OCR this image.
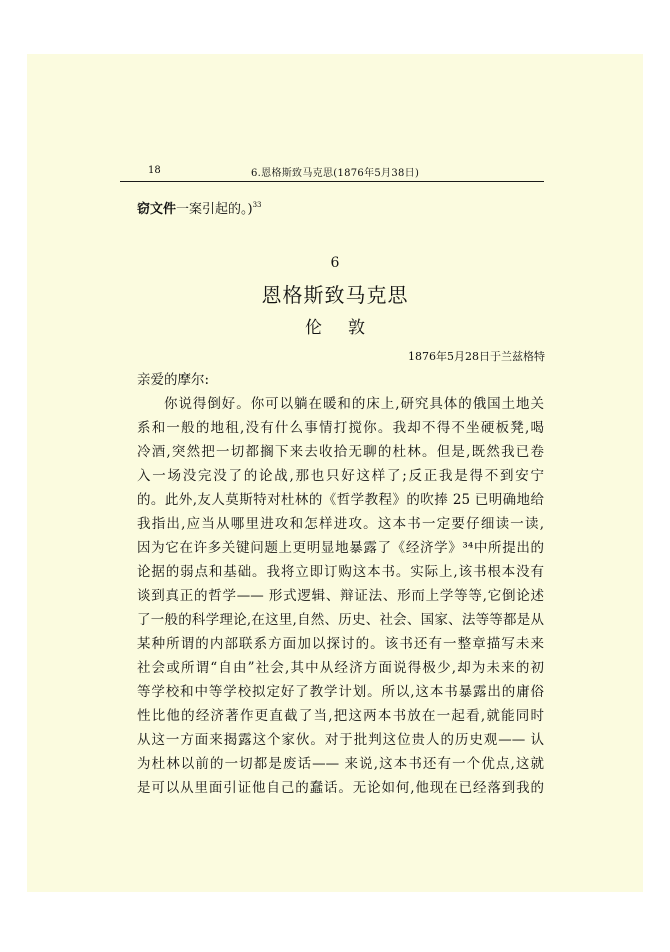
18	6.恩格斯致马克思(1876年5月38日)
窃文件一案引起的。)$^{33}$
6
恩格斯致马克思
伦敦
1876年5月28日于兰兹格特
亲爱的摩尔:
你说得倒好。你可以躺在暖和的床上,研究具体的俄国土地关
系和一般的地租,没有什么事情打搅你。我却不得不坐硬板凳,喝
冷酒,突然把一切都搁下来去收拾无聊的杜林。但是,既然我已卷
入一场没完没了的论战,那也只好这样了;反正我是得不到安宁
的。此外,友人莫斯特对杜林的《哲学教程》的吹捧 25 已明确地给
我指出,应当从哪里进攻和怎样进攻。这本书一定要仔细读一读,
因为它在许多关键问题上更明显地暴露了《经济学》³⁴中所提出的
论据的弱点和基础。我将立即订购这本书。实际上,该书根本没有
谈到真正的哲学—— 形式逻辑、辩证法、形而上学等等,它倒论述
了一般的科学理论,在这里,自然、历史、社会、国家、法等等都是从
某种所谓的内部联系方面加以探讨的。该书还有一整章描写未来
社会或所谓“自由”社会,其中从经济方面说得极少,却为未来的初
等学校和中等学校拟定好了教学计划。所以,这本书暴露出的庸俗
性比他的经济著作更直截了当,把这两本书放在一起看,就能同时
从这一方面来揭露这个家伙。对于批判这位贵人的历史观—— 认
为杜林以前的一切都是废话—— 来说,这本书还有一个优点,这就
是可以从里面引证他自己的蠢话。无论如何,他现在已经落到我的
